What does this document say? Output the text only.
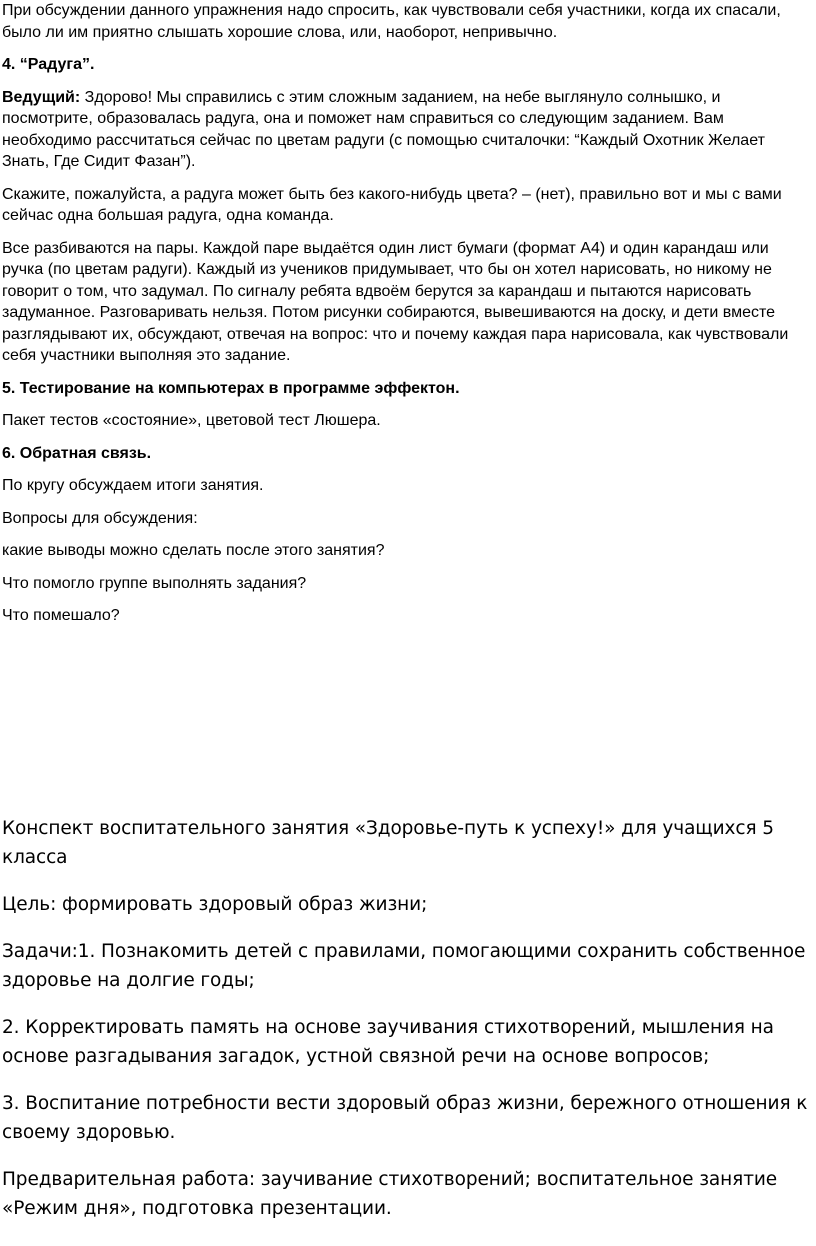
При обсуждении данного упражнения надо спросить, как чувствовали себя участники, когда их спасали, было ли им приятно слышать хорошие слова, или, наоборот, непривычно.

4. “Радуга”.

Ведущий: Здорово! Мы справились с этим сложным заданием, на небе выглянуло солнышко, и посмотрите, образовалась радуга, она и поможет нам справиться со следующим заданием. Вам необходимо рассчитаться сейчас по цветам радуги (с помощью считалочки: “Каждый Охотник Желает Знать, Где Сидит Фазан”).

Скажите, пожалуйста, а радуга может быть без какого-нибудь цвета? – (нет), правильно вот и мы с вами сейчас одна большая радуга, одна команда.

Все разбиваются на пары. Каждой паре выдаётся один лист бумаги (формат А4) и один карандаш или ручка (по цветам радуги). Каждый из учеников придумывает, что бы он хотел нарисовать, но никому не говорит о том, что задумал. По сигналу ребята вдвоём берутся за карандаш и пытаются нарисовать задуманное. Разговаривать нельзя. Потом рисунки собираются, вывешиваются на доску, и дети вместе разглядывают их, обсуждают, отвечая на вопрос: что и почему каждая пара нарисовала, как чувствовали себя участники выполняя это задание.

5. Тестирование на компьютерах в программе эффектон.

Пакет тестов «состояние», цветовой тест Люшера.

6. Обратная связь.

По кругу обсуждаем итоги занятия.

Вопросы для обсуждения:

какие выводы можно сделать после этого занятия?

Что помогло группе выполнять задания?

Что помешало?

Конспект воспитательного занятия «Здоровье-путь к успеху!» для учащихся 5 класса

Цель: формировать здоровый образ жизни;

Задачи:1. Познакомить детей с правилами, помогающими сохранить собственное здоровье на долгие годы;

2. Корректировать память на основе заучивания стихотворений, мышления на основе разгадывания загадок, устной связной речи на основе вопросов;

3. Воспитание потребности вести здоровый образ жизни, бережного отношения к своему здоровью.

Предварительная работа: заучивание стихотворений; воспитательное занятие «Режим дня», подготовка презентации.
